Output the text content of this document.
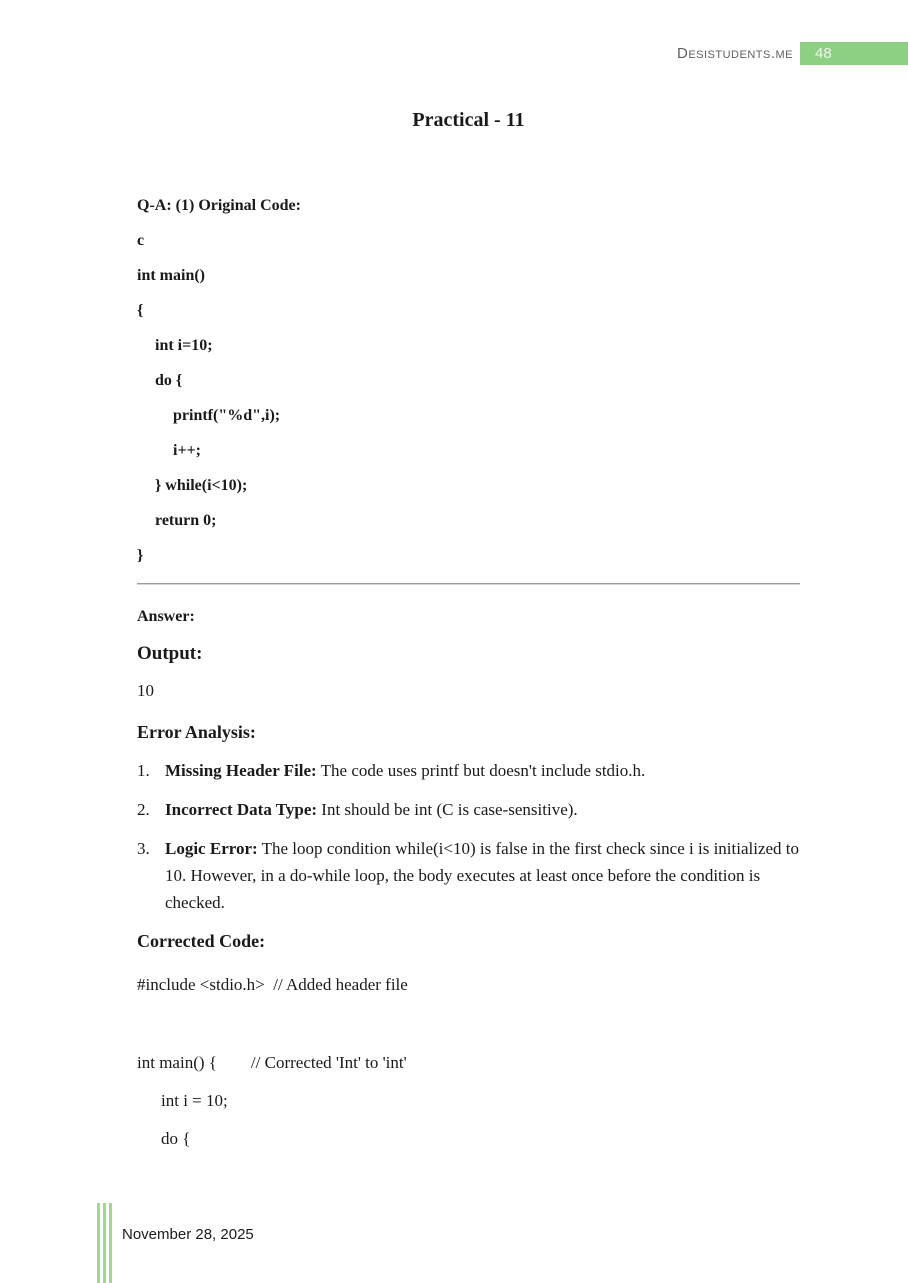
Desistudents.me	48
Practical - 11
Q-A: (1) Original Code:
c
int main()
{
int i=10;
do {
printf("%d",i);
i++;
} while(i<10);
return 0;
}
Answer:
Output:
10
Error Analysis:
1. Missing Header File: The code uses printf but doesn't include stdio.h.
2. Incorrect Data Type: Int should be int (C is case-sensitive).
3. Logic Error: The loop condition while(i<10) is false in the first check since i is initialized to 10. However, in a do-while loop, the body executes at least once before the condition is checked.
Corrected Code:
#include <stdio.h>  // Added header file
int main() {        // Corrected 'Int' to 'int'
int i = 10;
do {
November 28, 2025
